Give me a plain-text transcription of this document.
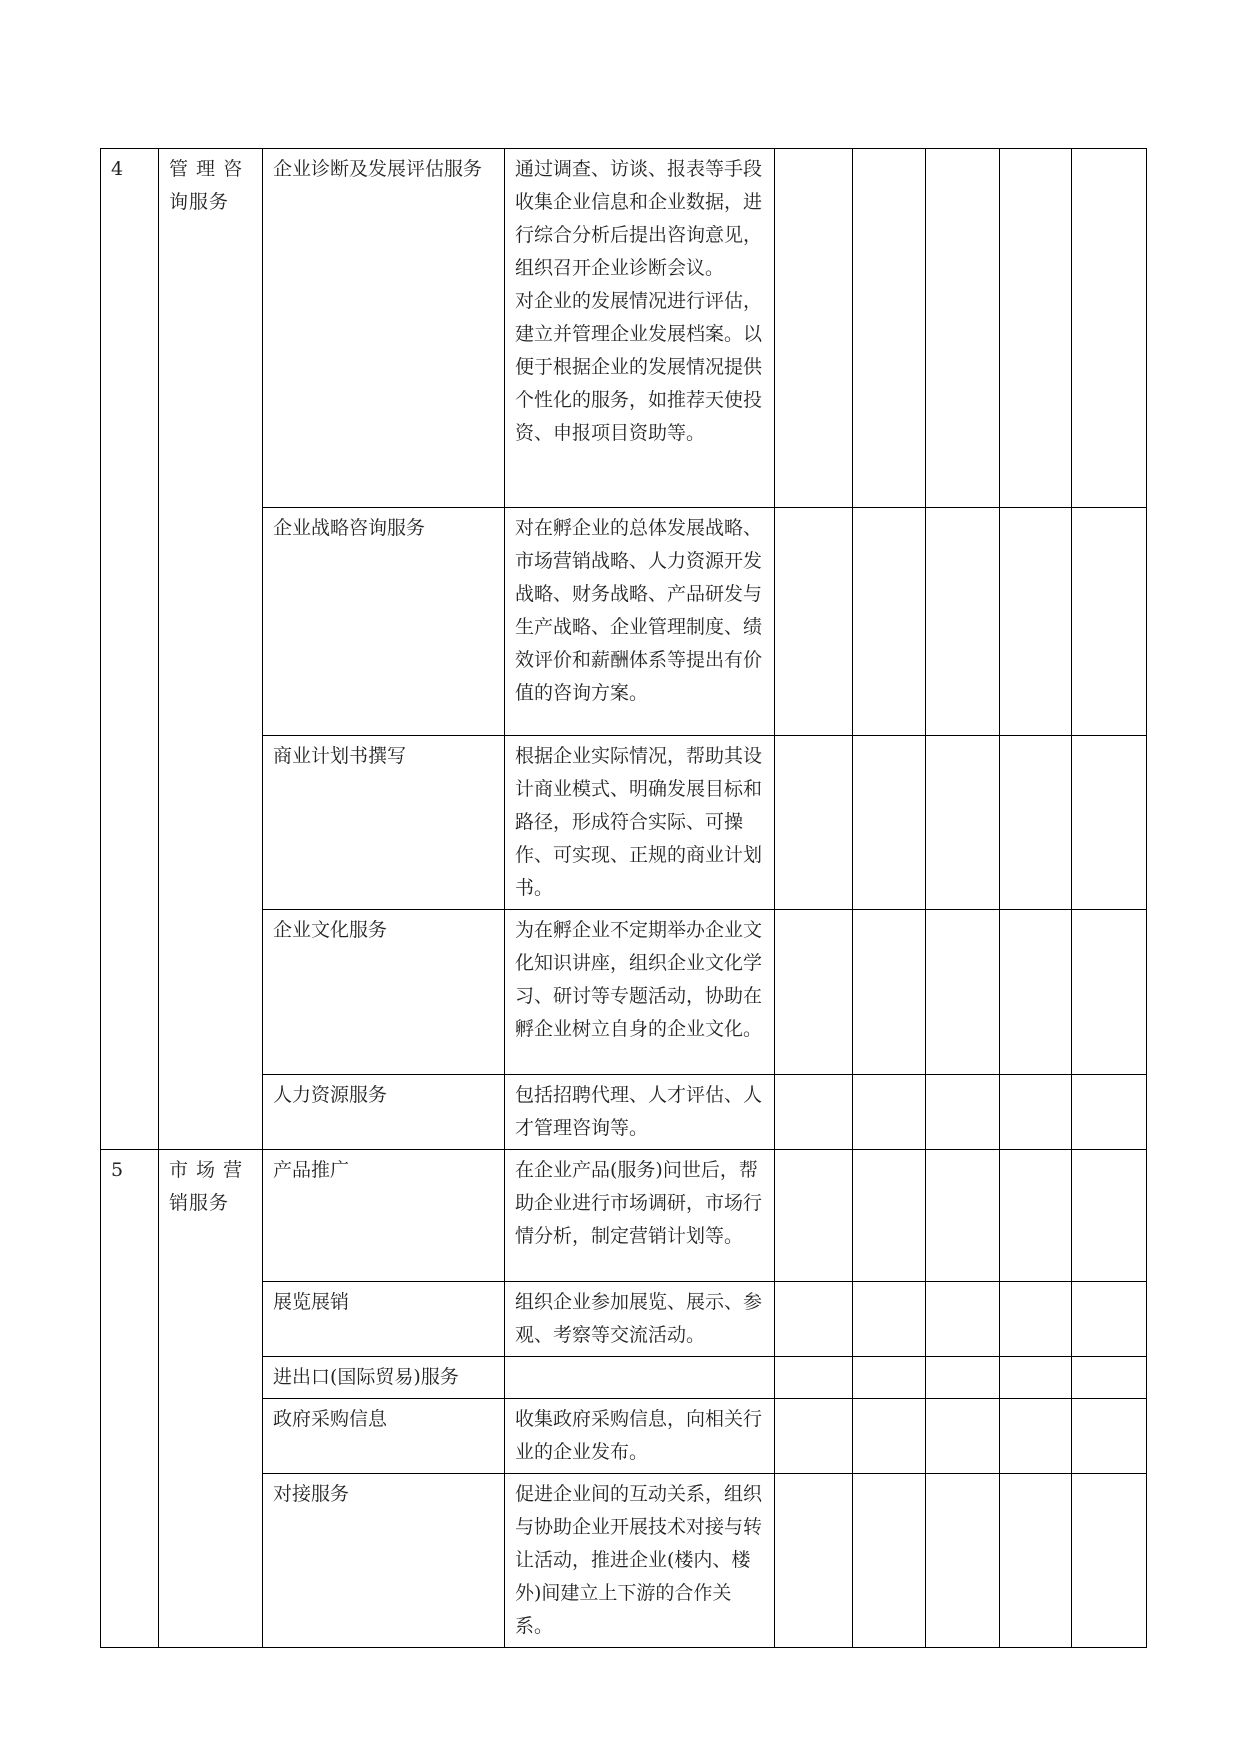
4	管 理 咨询服务	企业诊断及发展评估服务	通过调查、访谈、报表等手段收集企业信息和企业数据，进行综合分析后提出咨询意见，组织召开企业诊断会议。

对企业的发展情况进行评估，建立并管理企业发展档案。以便于根据企业的发展情况提供个性化的服务，如推荐天使投资、申报项目资助等。					

		企业战略咨询服务	对在孵企业的总体发展战略、市场营销战略、人力资源开发战略、财务战略、产品研发与生产战略、企业管理制度、绩效评价和薪酬体系等提出有价值的咨询方案。					

		商业计划书撰写	根据企业实际情况，帮助其设计商业模式、明确发展目标和路径，形成符合实际、可操作、可实现、正规的商业计划书。					

		企业文化服务	为在孵企业不定期举办企业文化知识讲座，组织企业文化学习、研讨等专题活动，协助在孵企业树立自身的企业文化。					

		人力资源服务	包括招聘代理、人才评估、人才管理咨询等。					

5	市 场 营销服务	产品推广	在企业产品(服务)问世后，帮助企业进行市场调研，市场行情分析，制定营销计划等。					

		展览展销	组织企业参加展览、展示、参观、考察等交流活动。					

		进出口(国际贸易)服务						
		政府采购信息	收集政府采购信息，向相关行业的企业发布。					

		对接服务	促进企业间的互动关系，组织与协助企业开展技术对接与转让活动，推进企业(楼内、楼外)间建立上下游的合作关系。					
